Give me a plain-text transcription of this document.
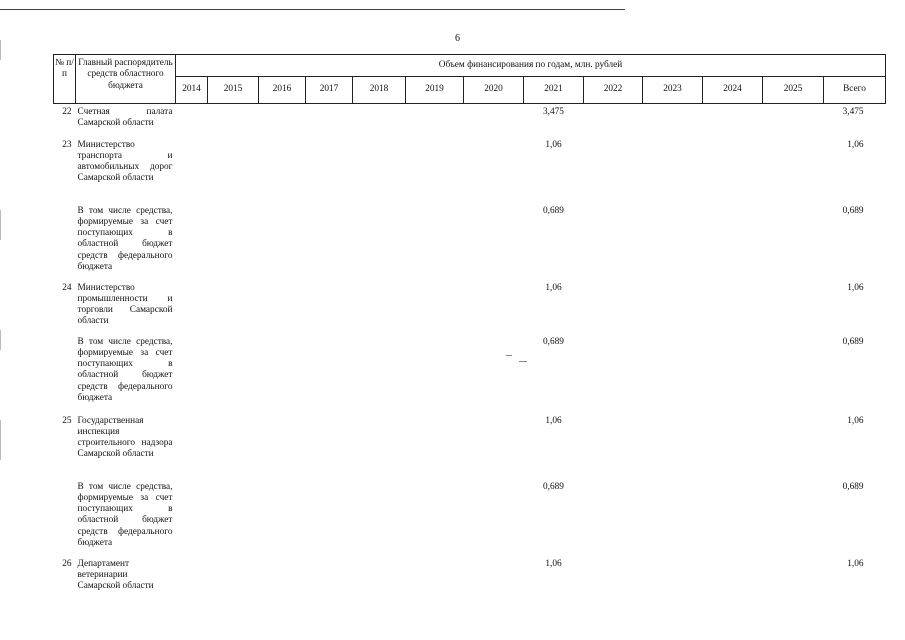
6
№ п/п	Главный распорядитель средств областного бюджета	Объем финансирования по годам, млн. рублей												
		2014	2015	2016	2017	2018	2019	2020	2021	2022	2023	2024	2025	Всего
22	Счетная палата Самарской области								3,475					3,475
23	Министерство транспорта и автомобильных дорог Самарской области								1,06					1,06
	В том числе средства, формируемые за счет поступающих в областной бюджет средств федерального бюджета								0,689					0,689
24	Министерство промышленности и торговли Самарской области								1,06					1,06
	В том числе средства, формируемые за счет поступающих в областной бюджет средств федерального бюджета								0,689					0,689
25	Государственная инспекция строительного надзора Самарской области								1,06					1,06
	В том числе средства, формируемые за счет поступающих в областной бюджет средств федерального бюджета								0,689					0,689
26	Департамент ветеринарии Самарской области								1,06					1,06
